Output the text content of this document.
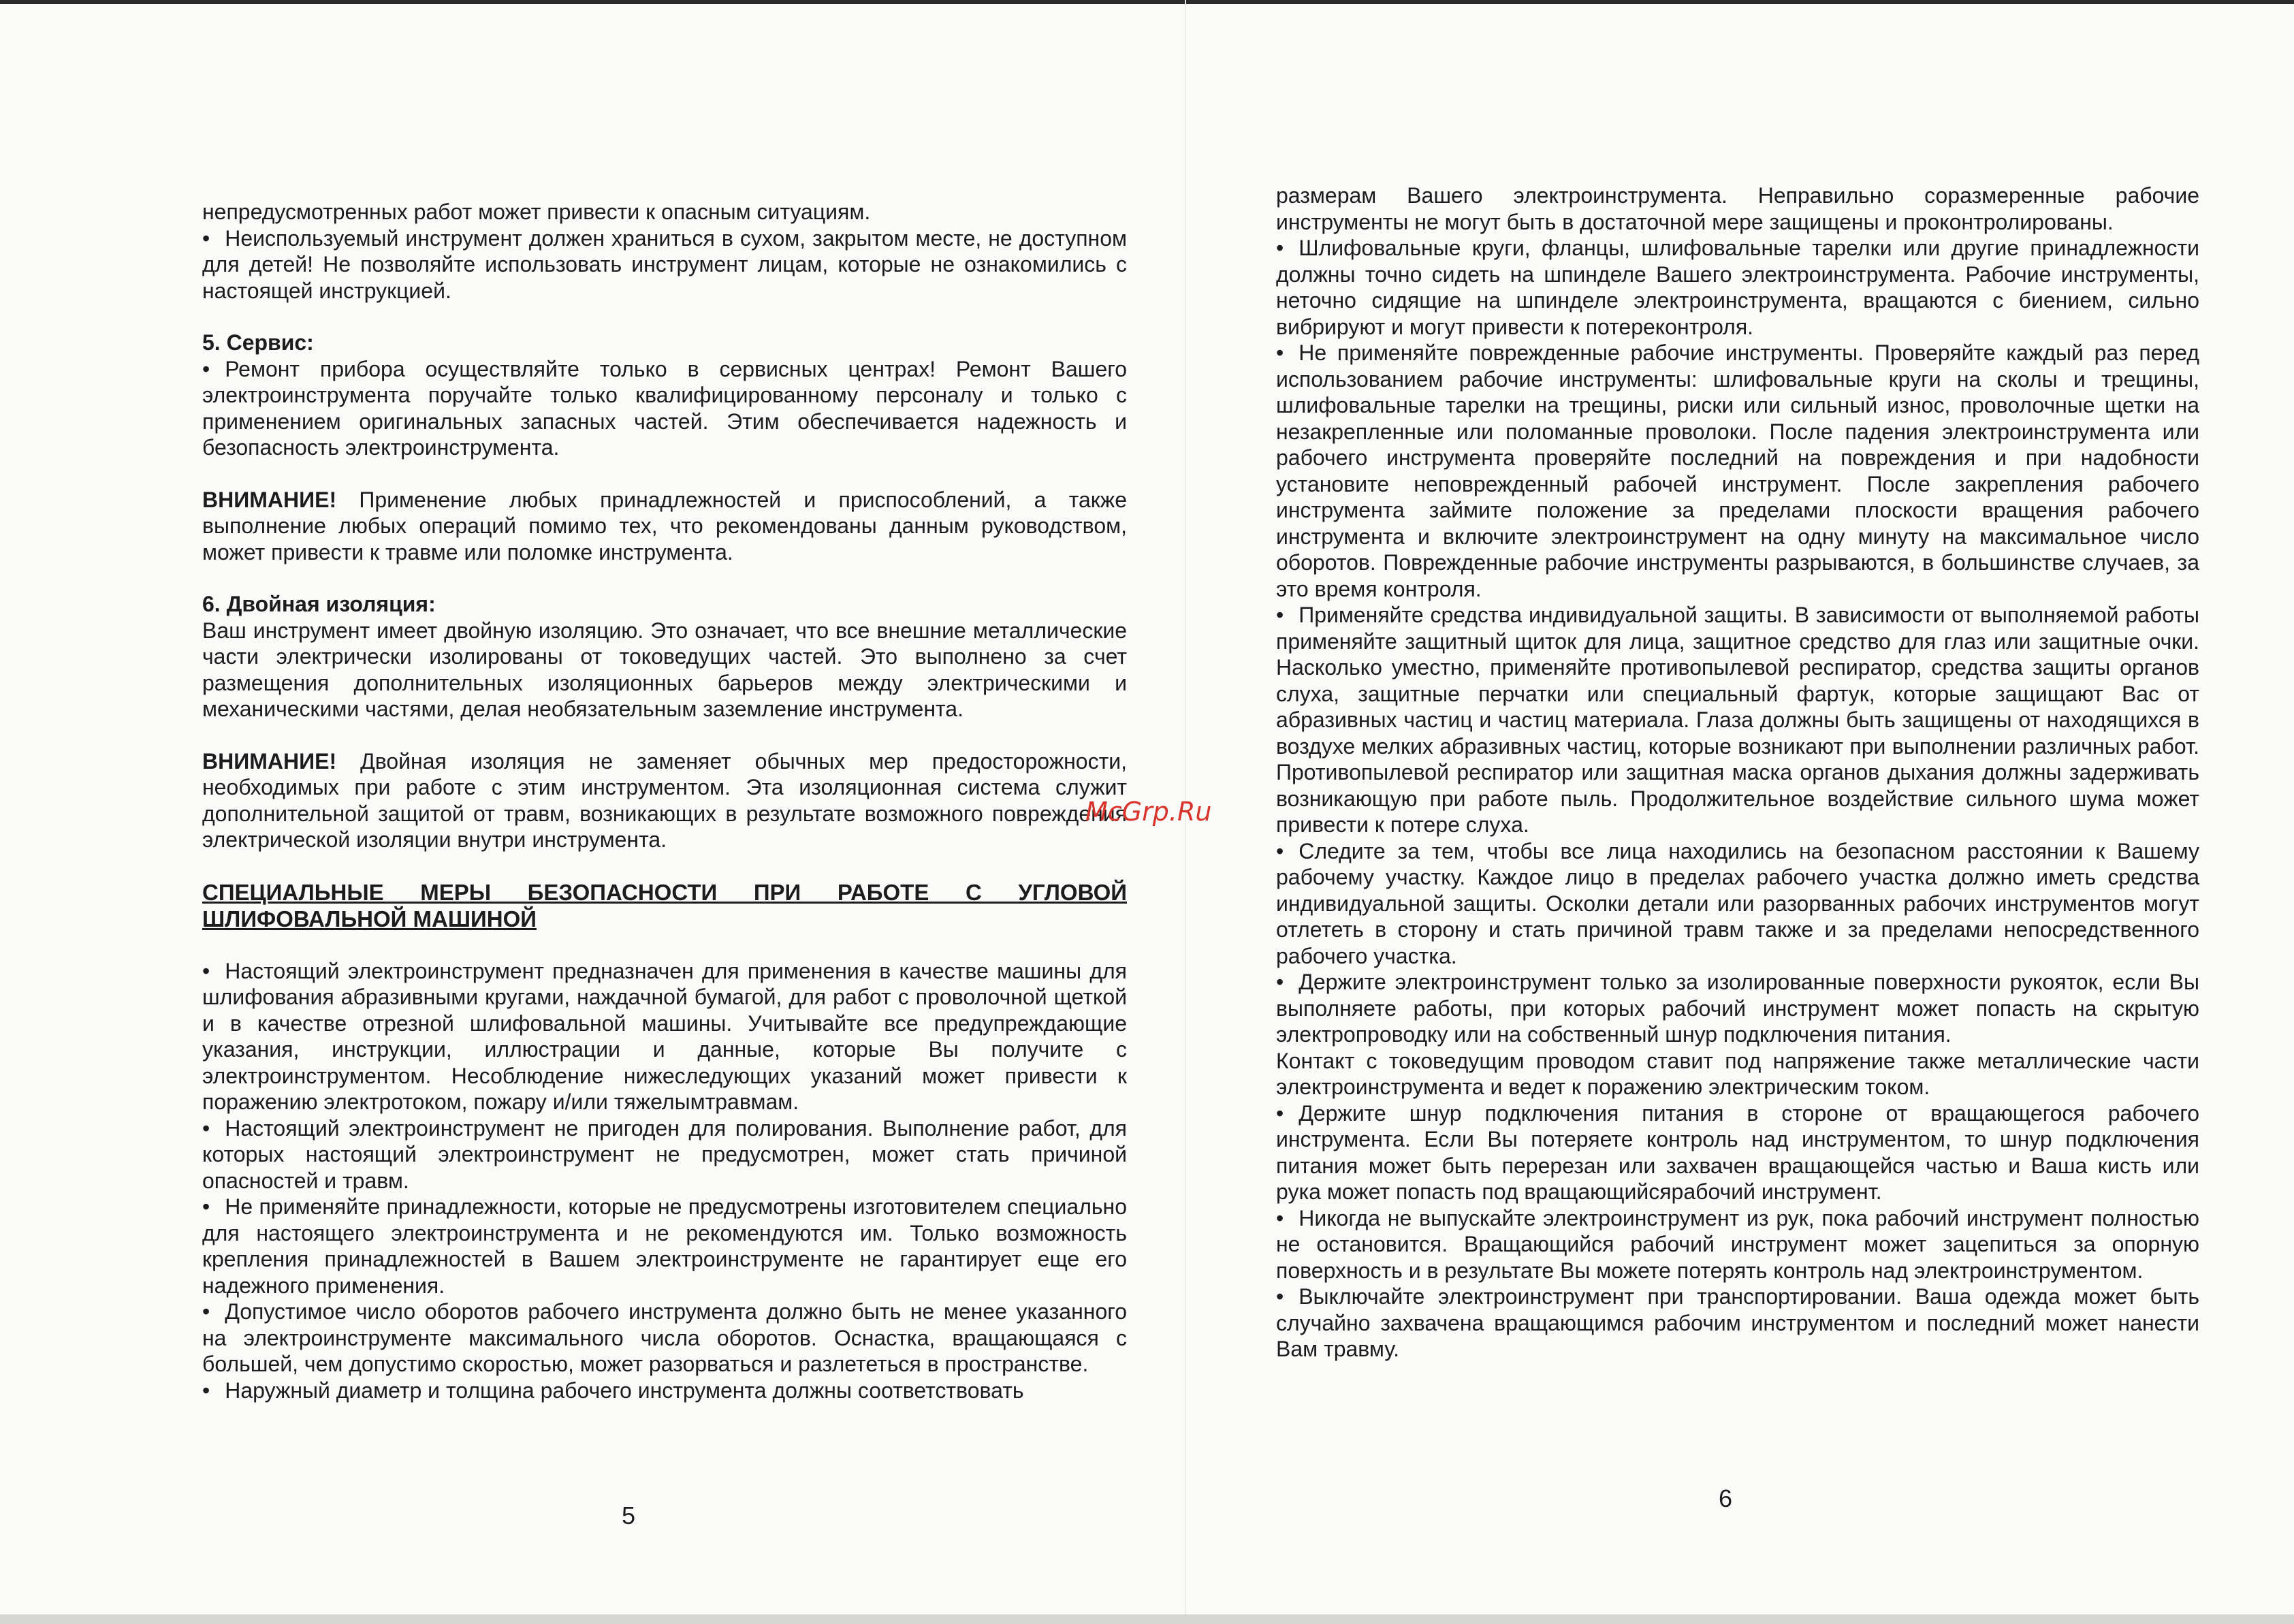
непредусмотренных работ может привести к опасным ситуациям.

• Неиспользуемый инструмент должен храниться в сухом, закрытом месте, не доступном для детей! Не позволяйте использовать инструмент лицам, которые не ознакомились с настоящей инструкцией.

5. Сервис:

• Ремонт прибора осуществляйте только в сервисных центрах! Ремонт Вашего электроинструмента поручайте только квалифицированному персоналу и только с применением оригинальных запасных частей. Этим обеспечивается надежность и безопасность электроинструмента.

ВНИМАНИЕ! Применение любых принадлежностей и приспособлений, а также выполнение любых операций помимо тех, что рекомендованы данным руководством, может привести к травме или поломке инструмента.

6. Двойная изоляция:

Ваш инструмент имеет двойную изоляцию. Это означает, что все внешние металлические части электрически изолированы от токоведущих частей. Это выполнено за счет размещения дополнительных изоляционных барьеров между электрическими и механическими частями, делая необязательным заземление инструмента.

ВНИМАНИЕ! Двойная изоляция не заменяет обычных мер предосторожности, необходимых при работе с этим инструментом. Эта изоляционная система служит дополнительной защитой от травм, возникающих в результате возможного повреждения электрической изоляции внутри инструмента.

СПЕЦИАЛЬНЫЕ МЕРЫ БЕЗОПАСНОСТИ ПРИ РАБОТЕ С УГЛОВОЙ ШЛИФОВАЛЬНОЙ МАШИНОЙ

• Настоящий электроинструмент предназначен для применения в качестве машины для шлифования абразивными кругами, наждачной бумагой, для работ с проволочной щеткой и в качестве отрезной шлифовальной машины. Учитывайте все предупреждающие указания, инструкции, иллюстрации и данные, которые Вы получите с электроинструментом. Несоблюдение нижеследующих указаний может привести к поражению электротоком, пожару и/или тяжелымтравмам.

• Настоящий электроинструмент не пригоден для полирования. Выполнение работ, для которых настоящий электроинструмент не предусмотрен, может стать причиной опасностей и травм.

• Не применяйте принадлежности, которые не предусмотрены изготовителем специально для настоящего электроинструмента и не рекомендуются им. Только возможность крепления принадлежностей в Вашем электроинструменте не гарантирует еще его надежного применения.

• Допустимое число оборотов рабочего инструмента должно быть не менее указанного на электроинструменте максимального числа оборотов. Оснастка, вращающаяся с большей, чем допустимо скоростью, может разорваться и разлететься в пространстве.

• Наружный диаметр и толщина рабочего инструмента должны соответствовать

5

размерам Вашего электроинструмента. Неправильно соразмеренные рабочие инструменты не могут быть в достаточной мере защищены и проконтролированы.

• Шлифовальные круги, фланцы, шлифовальные тарелки или другие принадлежности должны точно сидеть на шпинделе Вашего электроинструмента. Рабочие инструменты, неточно сидящие на шпинделе электроинструмента, вращаются с биением, сильно вибрируют и могут привести к потереконтроля.

• Не применяйте поврежденные рабочие инструменты. Проверяйте каждый раз перед использованием рабочие инструменты: шлифовальные круги на сколы и трещины, шлифовальные тарелки на трещины, риски или сильный износ, проволочные щетки на незакрепленные или поломанные проволоки. После падения электроинструмента или рабочего инструмента проверяйте последний на повреждения и при надобности установите неповрежденный рабочей инструмент. После закрепления рабочего инструмента займите положение за пределами плоскости вращения рабочего инструмента и включите электроинструмент на одну минуту на максимальное число оборотов. Поврежденные рабочие инструменты разрываются, в большинстве случаев, за это время контроля.

• Применяйте средства индивидуальной защиты. В зависимости от выполняемой работы применяйте защитный щиток для лица, защитное средство для глаз или защитные очки. Насколько уместно, применяйте противопылевой респиратор, средства защиты органов слуха, защитные перчатки или специальный фартук, которые защищают Вас от абразивных частиц и частиц материала. Глаза должны быть защищены от находящихся в воздухе мелких абразивных частиц, которые возникают при выполнении различных работ. Противопылевой респиратор или защитная маска органов дыхания должны задерживать возникающую при работе пыль. Продолжительное воздействие сильного шума может привести к потере слуха.

• Следите за тем, чтобы все лица находились на безопасном расстоянии к Вашему рабочему участку. Каждое лицо в пределах рабочего участка должно иметь средства индивидуальной защиты. Осколки детали или разорванных рабочих инструментов могут отлететь в сторону и стать причиной травм также и за пределами непосредственного рабочего участка.

• Держите электроинструмент только за изолированные поверхности рукояток, если Вы выполняете работы, при которых рабочий инструмент может попасть на скрытую электропроводку или на собственный шнур подключения питания.

Контакт с токоведущим проводом ставит под напряжение также металлические части электроинструмента и ведет к поражению электрическим током.

• Держите шнур подключения питания в стороне от вращающегося рабочего инструмента. Если Вы потеряете контроль над инструментом, то шнур подключения питания может быть перерезан или захвачен вращающейся частью и Ваша кисть или рука может попасть под вращающийсярабочий инструмент.

• Никогда не выпускайте электроинструмент из рук, пока рабочий инструмент полностью не остановится. Вращающийся рабочий инструмент может зацепиться за опорную поверхность и в результате Вы можете потерять контроль над электроинструментом.

• Выключайте электроинструмент при транспортировании. Ваша одежда может быть случайно захвачена вращающимся рабочим инструментом и последний может нанести Вам травму.

6
McGrp.Ru
